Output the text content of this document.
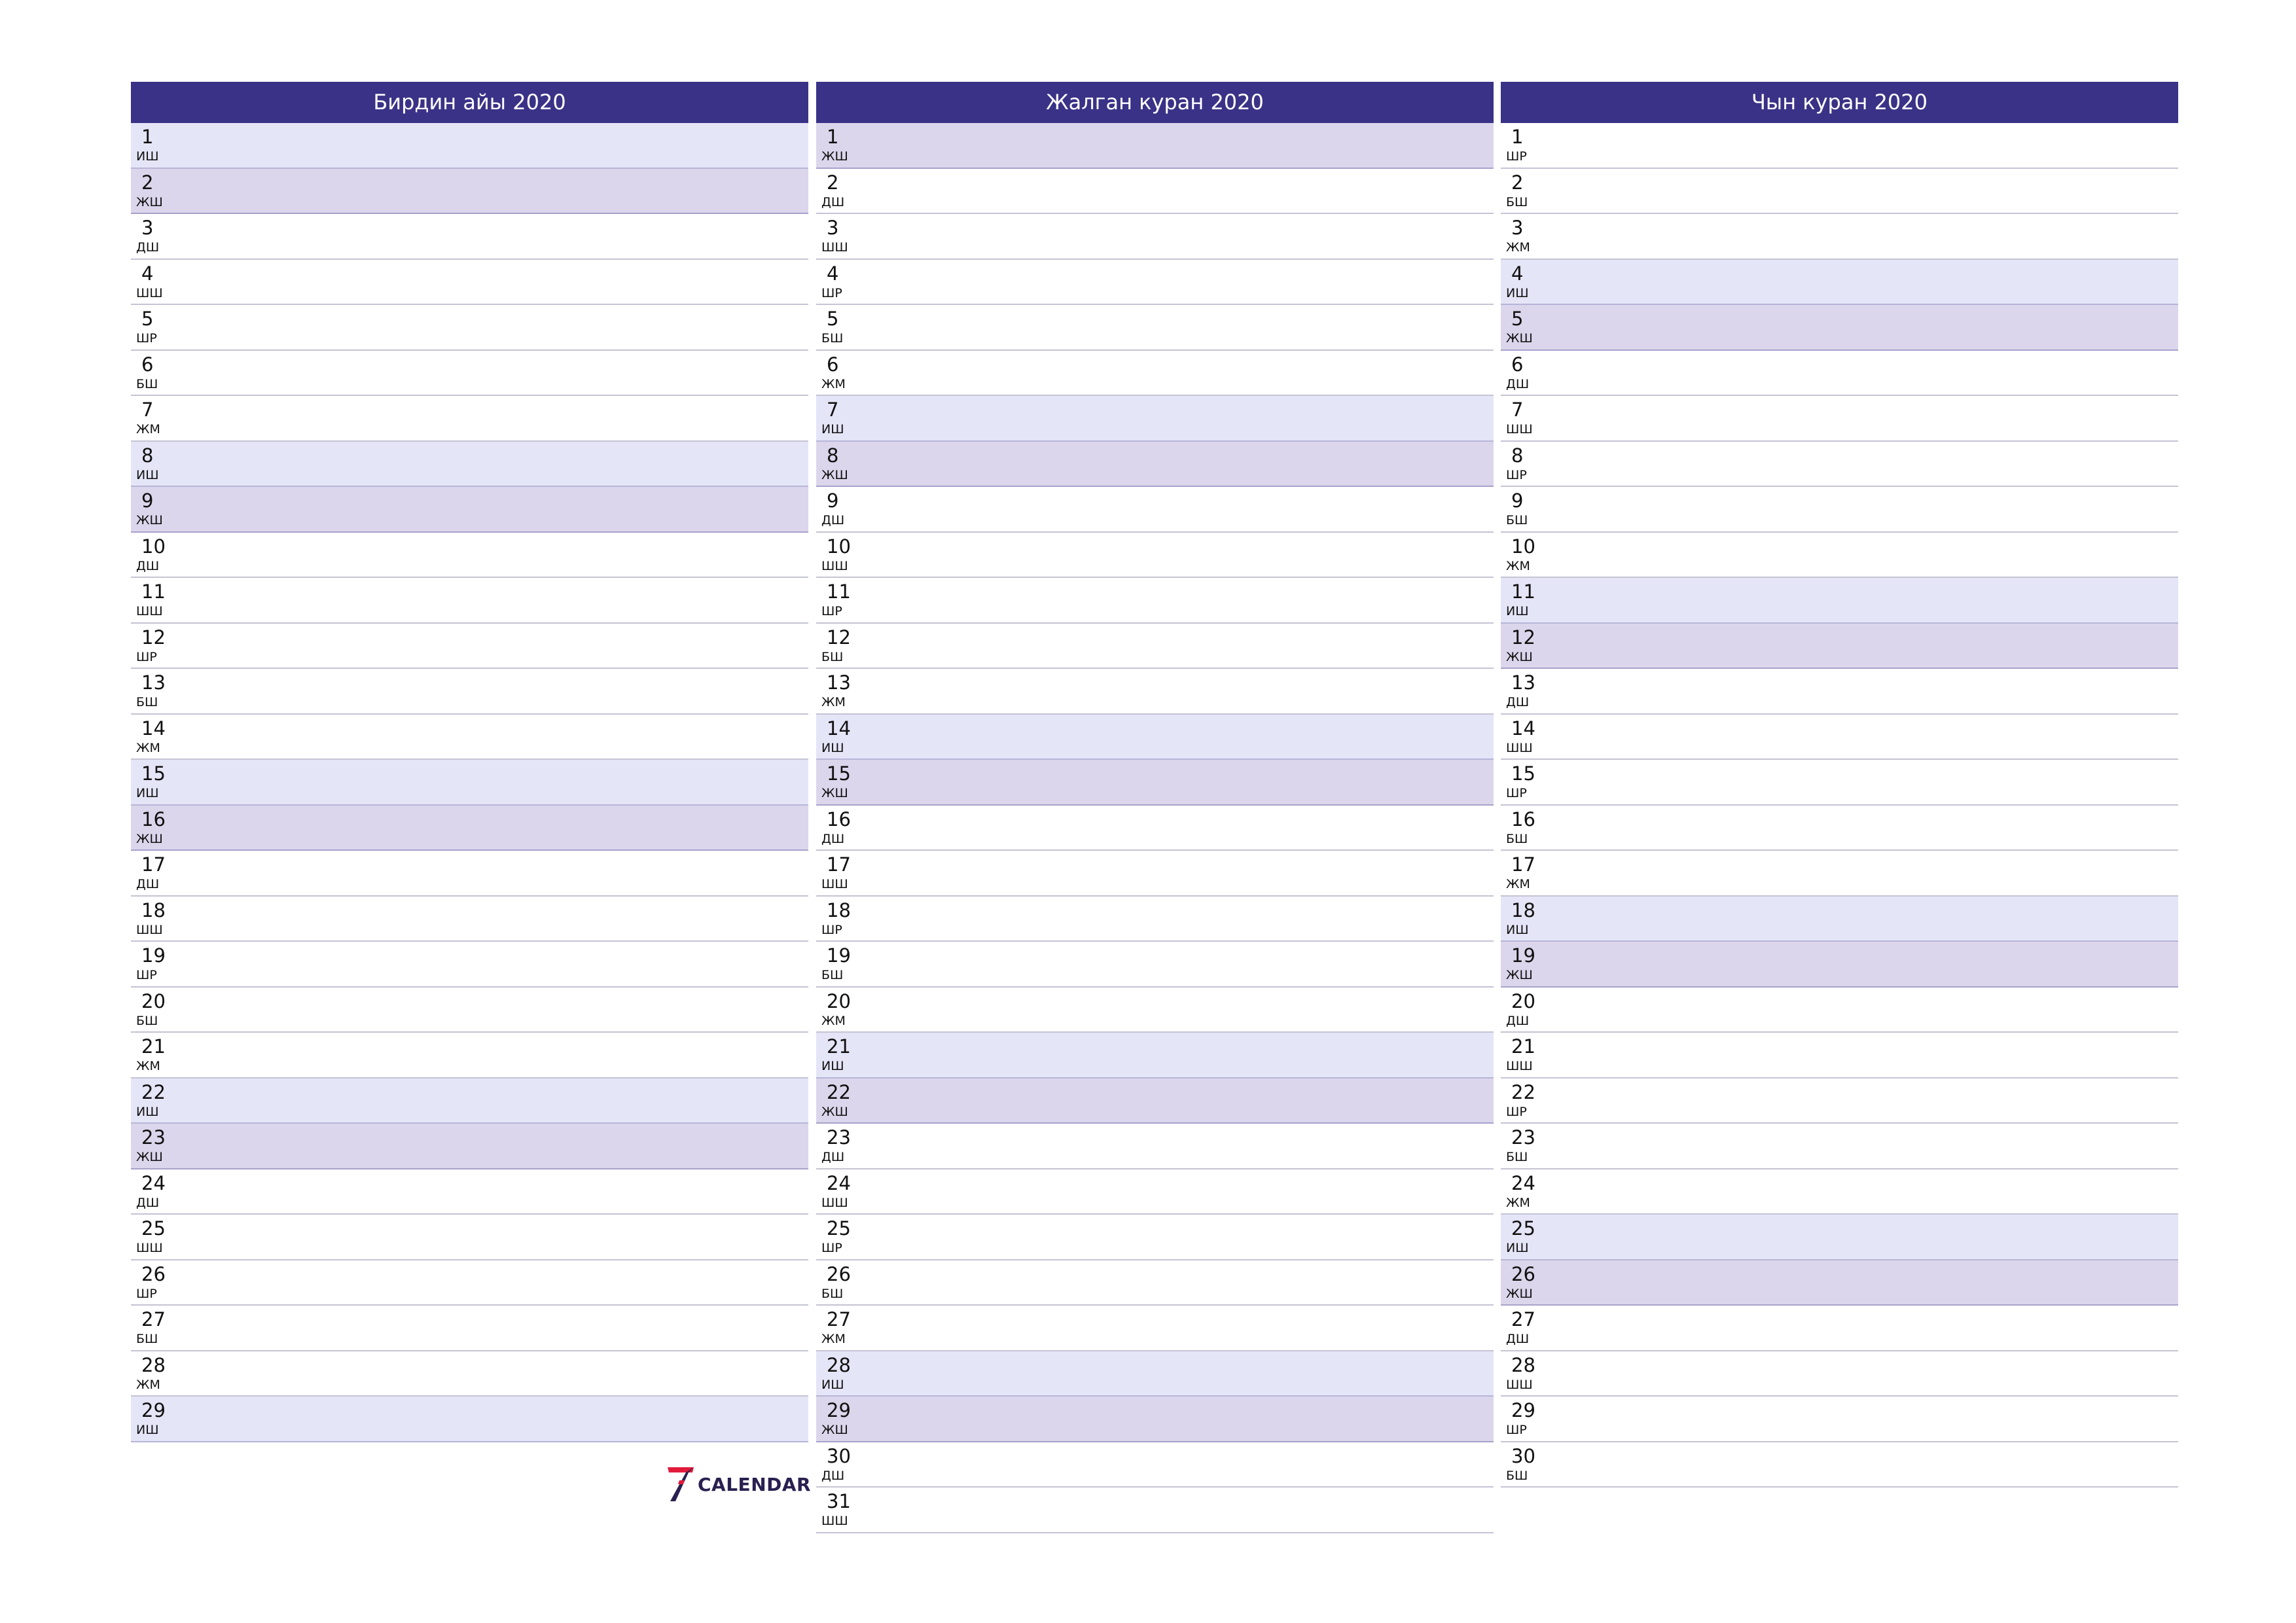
Бирдин айы 2020
1
ИШ
2
ЖШ
3
ДШ
4
ШШ
5
ШР
6
БШ
7
ЖМ
8
ИШ
9
ЖШ
10
ДШ
11
ШШ
12
ШР
13
БШ
14
ЖМ
15
ИШ
16
ЖШ
17
ДШ
18
ШШ
19
ШР
20
БШ
21
ЖМ
22
ИШ
23
ЖШ
24
ДШ
25
ШШ
26
ШР
27
БШ
28
ЖМ
29
ИШ
Жалган куран 2020
1
ЖШ
2
ДШ
3
ШШ
4
ШР
5
БШ
6
ЖМ
7
ИШ
8
ЖШ
9
ДШ
10
ШШ
11
ШР
12
БШ
13
ЖМ
14
ИШ
15
ЖШ
16
ДШ
17
ШШ
18
ШР
19
БШ
20
ЖМ
21
ИШ
22
ЖШ
23
ДШ
24
ШШ
25
ШР
26
БШ
27
ЖМ
28
ИШ
29
ЖШ
30
ДШ
31
ШШ
Чын куран 2020
1
ШР
2
БШ
3
ЖМ
4
ИШ
5
ЖШ
6
ДШ
7
ШШ
8
ШР
9
БШ
10
ЖМ
11
ИШ
12
ЖШ
13
ДШ
14
ШШ
15
ШР
16
БШ
17
ЖМ
18
ИШ
19
ЖШ
20
ДШ
21
ШШ
22
ШР
23
БШ
24
ЖМ
25
ИШ
26
ЖШ
27
ДШ
28
ШШ
29
ШР
30
БШ
CALENDAR
